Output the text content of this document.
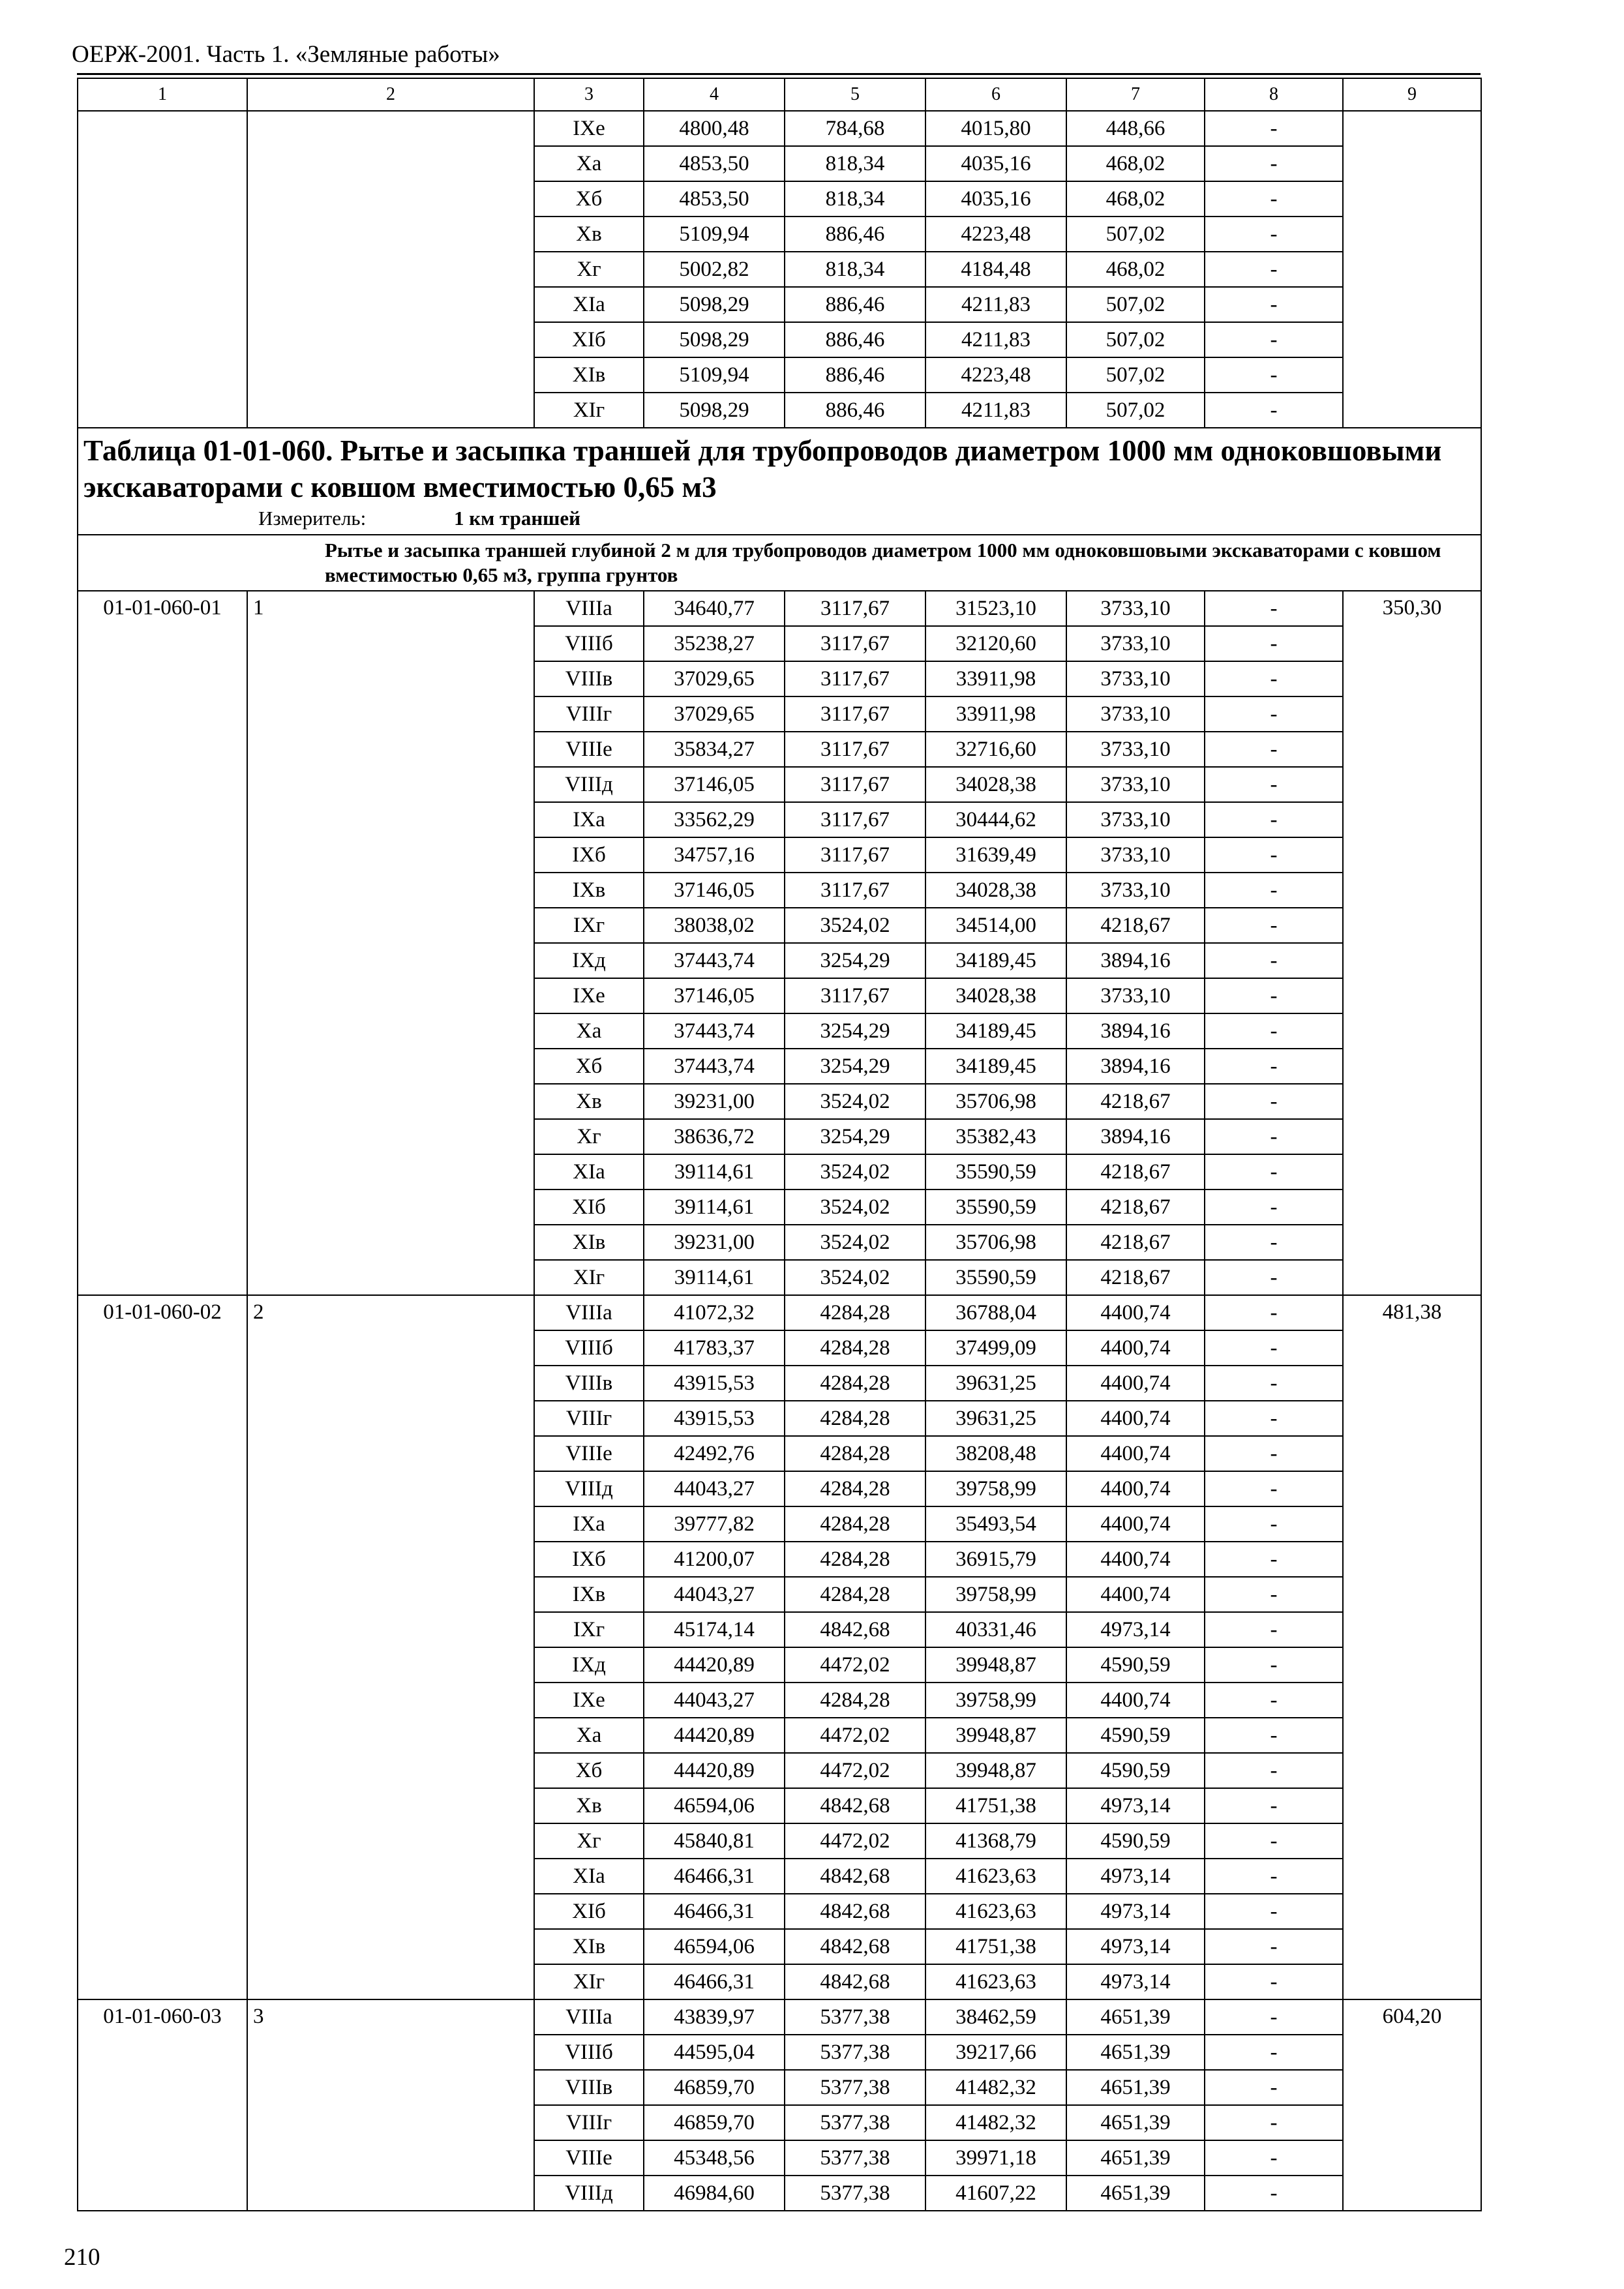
ОЕРЖ-2001. Часть 1. «Земляные работы»
1	2	3	4	5	6	7	8	9
		IXе	4800,48	784,68	4015,80	448,66	-	
		Xа	4853,50	818,34	4035,16	468,02	-	
		Xб	4853,50	818,34	4035,16	468,02	-	
		Xв	5109,94	886,46	4223,48	507,02	-	
		Xг	5002,82	818,34	4184,48	468,02	-	
		XIа	5098,29	886,46	4211,83	507,02	-	
		XIб	5098,29	886,46	4211,83	507,02	-	
		XIв	5109,94	886,46	4223,48	507,02	-	
		XIг	5098,29	886,46	4211,83	507,02	-	

Таблица 01-01-060. Рытье и засыпка траншей для трубопроводов диаметром 1000 мм одноковшовыми экскаваторами с ковшом вместимостью 0,65 м3
Измеритель: 1 км траншей								

Рытье и засыпка траншей глубиной 2 м для трубопроводов диаметром 1000 мм одноковшовыми экскаваторами с ковшом вместимостью 0,65 м3, группа грунтов								
01-01-060-01	1	VIIIа	34640,77	3117,67	31523,10	3733,10	-	350,30
		VIIIб	35238,27	3117,67	32120,60	3733,10	-	
		VIIIв	37029,65	3117,67	33911,98	3733,10	-	
		VIIIг	37029,65	3117,67	33911,98	3733,10	-	
		VIIIе	35834,27	3117,67	32716,60	3733,10	-	
		VIIIд	37146,05	3117,67	34028,38	3733,10	-	
		IXа	33562,29	3117,67	30444,62	3733,10	-	
		IXб	34757,16	3117,67	31639,49	3733,10	-	
		IXв	37146,05	3117,67	34028,38	3733,10	-	
		IXг	38038,02	3524,02	34514,00	4218,67	-	
		IXд	37443,74	3254,29	34189,45	3894,16	-	
		IXе	37146,05	3117,67	34028,38	3733,10	-	
		Xа	37443,74	3254,29	34189,45	3894,16	-	
		Xб	37443,74	3254,29	34189,45	3894,16	-	
		Xв	39231,00	3524,02	35706,98	4218,67	-	
		Xг	38636,72	3254,29	35382,43	3894,16	-	
		XIа	39114,61	3524,02	35590,59	4218,67	-	
		XIб	39114,61	3524,02	35590,59	4218,67	-	
		XIв	39231,00	3524,02	35706,98	4218,67	-	
		XIг	39114,61	3524,02	35590,59	4218,67	-	
01-01-060-02	2	VIIIа	41072,32	4284,28	36788,04	4400,74	-	481,38
		VIIIб	41783,37	4284,28	37499,09	4400,74	-	
		VIIIв	43915,53	4284,28	39631,25	4400,74	-	
		VIIIг	43915,53	4284,28	39631,25	4400,74	-	
		VIIIе	42492,76	4284,28	38208,48	4400,74	-	
		VIIIд	44043,27	4284,28	39758,99	4400,74	-	
		IXа	39777,82	4284,28	35493,54	4400,74	-	
		IXб	41200,07	4284,28	36915,79	4400,74	-	
		IXв	44043,27	4284,28	39758,99	4400,74	-	
		IXг	45174,14	4842,68	40331,46	4973,14	-	
		IXд	44420,89	4472,02	39948,87	4590,59	-	
		IXе	44043,27	4284,28	39758,99	4400,74	-	
		Xа	44420,89	4472,02	39948,87	4590,59	-	
		Xб	44420,89	4472,02	39948,87	4590,59	-	
		Xв	46594,06	4842,68	41751,38	4973,14	-	
		Xг	45840,81	4472,02	41368,79	4590,59	-	
		XIа	46466,31	4842,68	41623,63	4973,14	-	
		XIб	46466,31	4842,68	41623,63	4973,14	-	
		XIв	46594,06	4842,68	41751,38	4973,14	-	
		XIг	46466,31	4842,68	41623,63	4973,14	-	
01-01-060-03	3	VIIIа	43839,97	5377,38	38462,59	4651,39	-	604,20
		VIIIб	44595,04	5377,38	39217,66	4651,39	-	
		VIIIв	46859,70	5377,38	41482,32	4651,39	-	
		VIIIг	46859,70	5377,38	41482,32	4651,39	-	
		VIIIе	45348,56	5377,38	39971,18	4651,39	-	
		VIIIд	46984,60	5377,38	41607,22	4651,39	-	
210
